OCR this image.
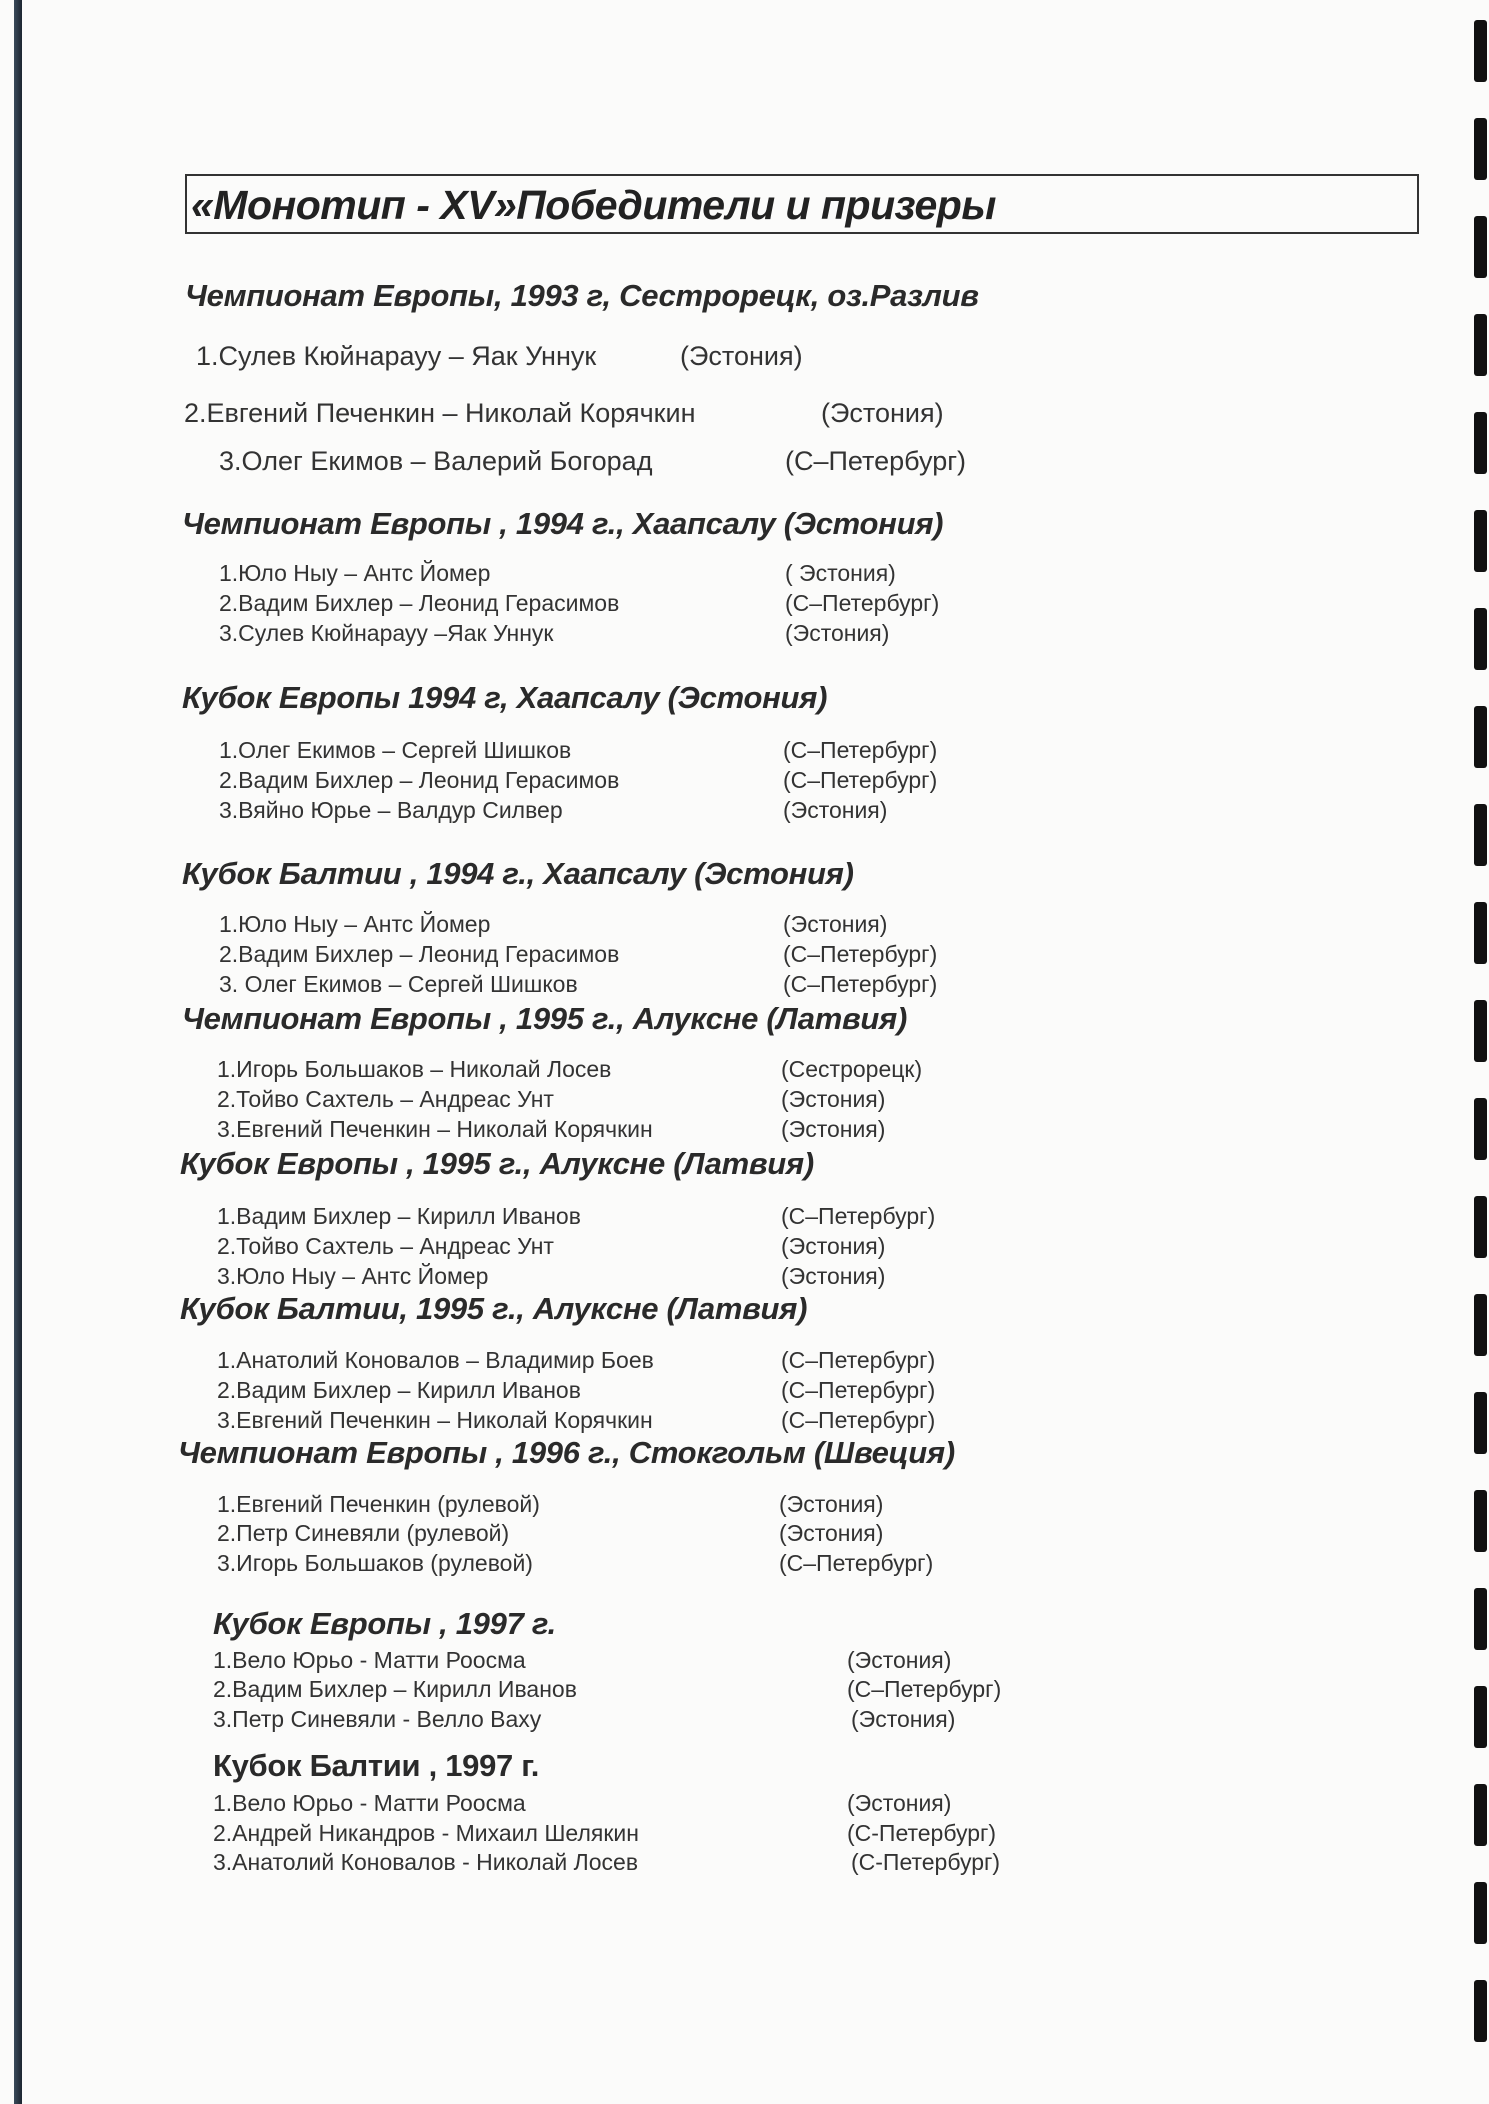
«Монотип - XV»Победители и призеры
Чемпионат Европы, 1993 г, Сестрорецк, оз.Разлив
1.Сулев Кюйнарауу – Яак Уннук	(Эстония)
2.Евгений Печенкин – Николай Корячкин	(Эстония)
3.Олег Екимов – Валерий Богорад	(С–Петербург)
Чемпионат Европы , 1994 г., Хаапсалу (Эстония)
1.Юло Ныу – Антс Йомер	( Эстония)
2.Вадим Бихлер – Леонид Герасимов	(С–Петербург)
3.Сулев Кюйнарауу –Яак Уннук	(Эстония)
Кубок Европы 1994 г, Хаапсалу (Эстония)
1.Олег Екимов – Сергей Шишков	(С–Петербург)
2.Вадим Бихлер – Леонид Герасимов	(С–Петербург)
3.Вяйно Юрье – Валдур Силвер	(Эстония)
Кубок Балтии , 1994 г., Хаапсалу (Эстония)
1.Юло Ныу – Антс Йомер	(Эстония)
2.Вадим Бихлер – Леонид Герасимов	(С–Петербург)
3. Олег Екимов – Сергей Шишков	(С–Петербург)
Чемпионат Европы , 1995 г., Алуксне (Латвия)
1.Игорь Большаков – Николай Лосев	(Сестрорецк)
2.Тойво Сахтель – Андреас Унт	(Эстония)
3.Евгений Печенкин – Николай Корячкин	(Эстония)
Кубок Европы , 1995 г., Алуксне (Латвия)
1.Вадим Бихлер – Кирилл Иванов	(С–Петербург)
2.Тойво Сахтель – Андреас Унт	(Эстония)
3.Юло Ныу – Антс Йомер	(Эстония)
Кубок Балтии, 1995 г., Алуксне (Латвия)
1.Анатолий Коновалов – Владимир Боев	(С–Петербург)
2.Вадим Бихлер – Кирилл Иванов	(С–Петербург)
3.Евгений Печенкин – Николай Корячкин	(С–Петербург)
Чемпионат Европы , 1996 г., Стокгольм (Швеция)
1.Евгений Печенкин (рулевой)	(Эстония)
2.Петр Синевяли (рулевой)	(Эстония)
3.Игорь Большаков (рулевой)	(С–Петербург)
Кубок Европы , 1997 г.
1.Вело Юрьо - Матти Роосма	(Эстония)
2.Вадим Бихлер – Кирилл Иванов	(С–Петербург)
3.Петр Синевяли - Велло Ваху	(Эстония)
Кубок Балтии , 1997 г.
1.Вело Юрьо - Матти Роосма	(Эстония)
2.Андрей Никандров - Михаил Шелякин	(С-Петербург)
3.Анатолий Коновалов - Николай Лосев	(С-Петербург)
